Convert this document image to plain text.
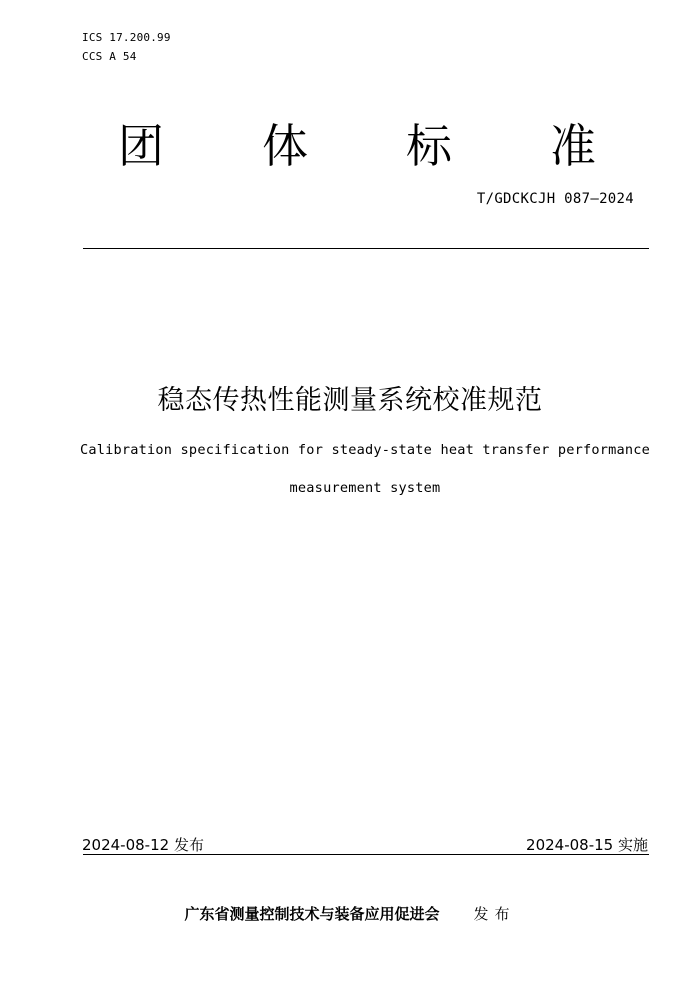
ICS 17.200.99
CCS A 54
团 体 标 准
T/GDCKCJH 087—2024
稳态传热性能测量系统校准规范
Calibration specification for steady-state heat transfer performance
measurement system
2024-08-12 发布	2024-08-15 实施
广东省测量控制技术与装备应用促进会 发布
